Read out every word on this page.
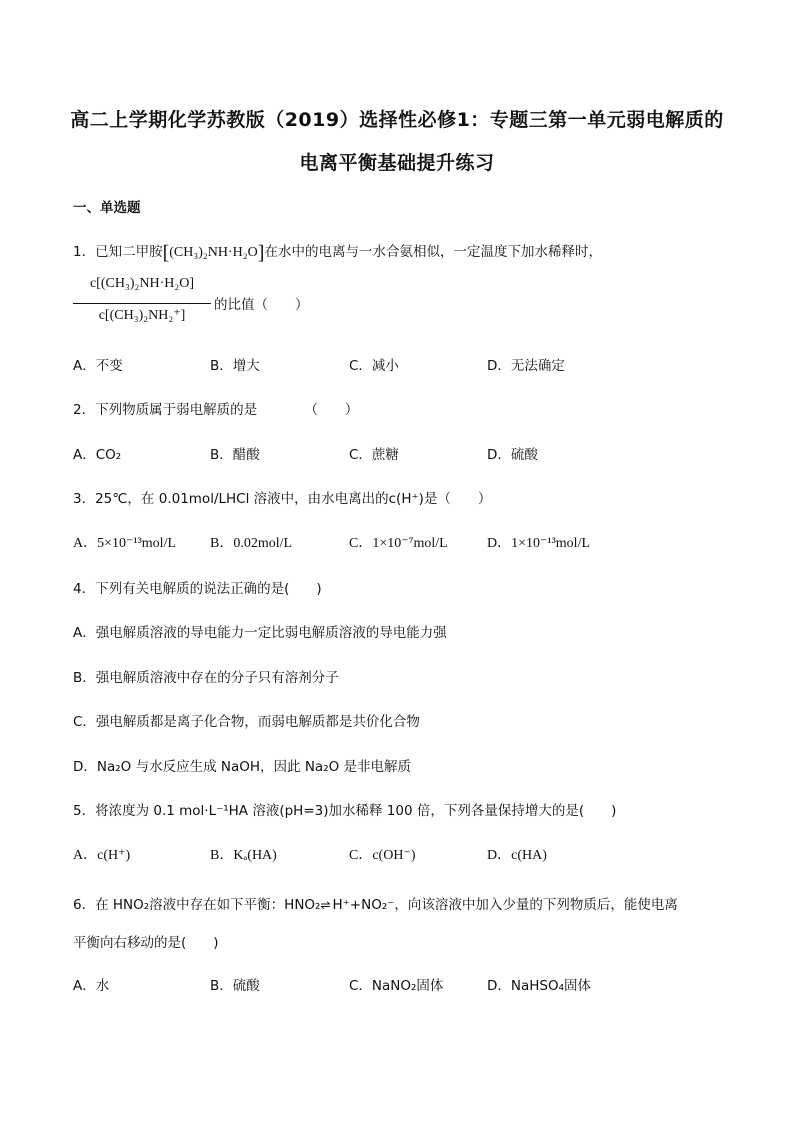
高二上学期化学苏教版（2019）选择性必修1：专题三第一单元弱电解质的
电离平衡基础提升练习
一、单选题
1．已知二甲胺[(CH₃)₂NH·H₂O]在水中的电离与一水合氨相似，一定温度下加水稀释时，
c[(CH₃)₂NH·H₂O]
c[(CH₃)₂NH₂⁺]
的比值（　　）
A．不变	B．增大	C．减小	D．无法确定
2．下列物质属于弱电解质的是　　　　（　　）
A．CO₂	B．醋酸	C．蔗糖	D．硫酸
3．25℃，在 0.01mol/LHCl 溶液中，由水电离出的c(H⁺)是（　　）
A．5×10⁻¹³mol/L B．0.02mol/L	C．1×10⁻⁷mol/L	D．1×10⁻¹³mol/L
4．下列有关电解质的说法正确的是(　　)
A．强电解质溶液的导电能力一定比弱电解质溶液的导电能力强
B．强电解质溶液中存在的分子只有溶剂分子
C．强电解质都是离子化合物，而弱电解质都是共价化合物
D．Na₂O 与水反应生成 NaOH，因此 Na₂O 是非电解质
5．将浓度为 0.1 mol·L⁻¹HA 溶液(pH=3)加水稀释 100 倍，下列各量保持增大的是(　　)
A．c(H⁺)	B．Kₐ(HA)	C．c(OH⁻)	D．c(HA)
6．在 HNO₂溶液中存在如下平衡：HNO₂⇌H⁺+NO₂⁻，向该溶液中加入少量的下列物质后，能使电离
平衡向右移动的是(　　)
A．水	B．硫酸	C．NaNO₂固体	D．NaHSO₄固体
